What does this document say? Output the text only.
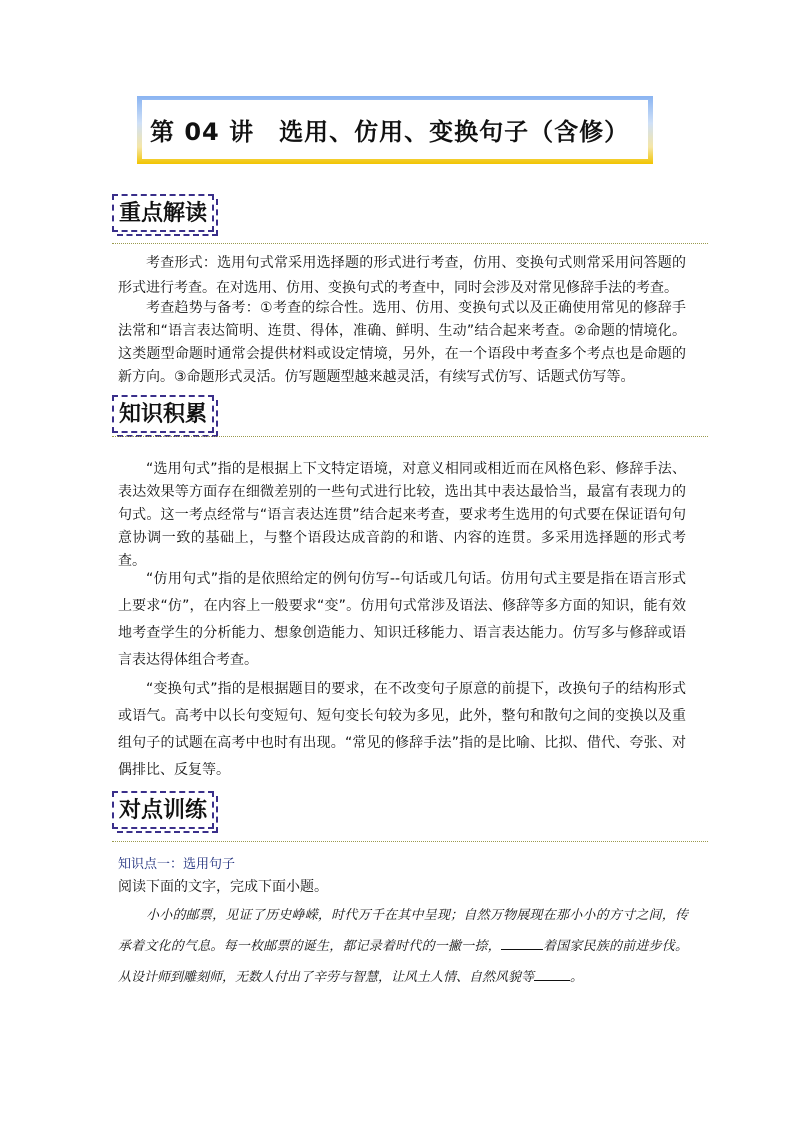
第 04 讲　选用、仿用、变换句子（含修）
重点解读
考查形式：选用句式常采用选择题的形式进行考查，仿用、变换句式则常采用问答题的形式进行考查。在对选用、仿用、变换句式的考查中，同时会涉及对常见修辞手法的考查。
考查趋势与备考：①考查的综合性。选用、仿用、变换句式以及正确使用常见的修辞手法常和“语言表达简明、连贯、得体，准确、鲜明、生动”结合起来考查。②命题的情境化。这类题型命题时通常会提供材料或设定情境，另外，在一个语段中考查多个考点也是命题的新方向。③命题形式灵活。仿写题题型越来越灵活，有续写式仿写、话题式仿写等。
知识积累
“选用句式”指的是根据上下文特定语境，对意义相同或相近而在风格色彩、修辞手法、表达效果等方面存在细微差别的一些句式进行比较，选出其中表达最恰当，最富有表现力的句式。这一考点经常与“语言表达连贯”结合起来考查，要求考生选用的句式要在保证语句句意协调一致的基础上，与整个语段达成音韵的和谐、内容的连贯。多采用选择题的形式考查。
“仿用句式”指的是依照给定的例句仿写--句话或几句话。仿用句式主要是指在语言形式上要求“仿”，在内容上一般要求“变”。仿用句式常涉及语法、修辞等多方面的知识，能有效地考查学生的分析能力、想象创造能力、知识迁移能力、语言表达能力。仿写多与修辞或语言表达得体组合考查。
“变换句式”指的是根据题目的要求，在不改变句子原意的前提下，改换句子的结构形式或语气。高考中以长句变短句、短句变长句较为多见，此外，整句和散句之间的变换以及重组句子的试题在高考中也时有出现。“常见的修辞手法”指的是比喻、比拟、借代、夸张、对偶排比、反复等。
对点训练
知识点一：选用句子
阅读下面的文字，完成下面小题。
小小的邮票，见证了历史峥嵘，时代万千在其中呈现；自然万物展现在那小小的方寸之间，传承着文化的气息。每一枚邮票的诞生，都记录着时代的一撇一捺，	着国家民族的前进步伐。从设计师到雕刻师，无数人付出了辛劳与智慧，让风土人情、自然风貌等	。
